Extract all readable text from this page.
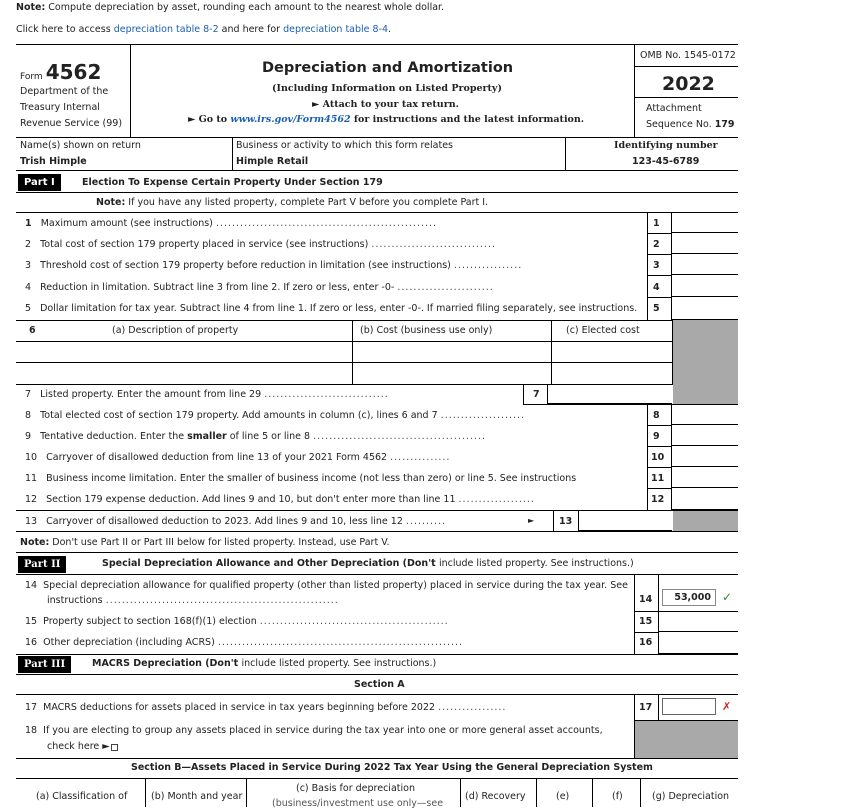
Note: Compute depreciation by asset, rounding each amount to the nearest whole dollar.
Click here to access depreciation table 8-2 and here for depreciation table 8-4.
Form 4562
Department of the
Treasury Internal
Revenue Service (99)
Depreciation and Amortization
(Including Information on Listed Property)
► Attach to your tax return.
► Go to www.irs.gov/Form4562 for instructions and the latest information.
OMB No. 1545-0172
2022
Attachment
Sequence No. 179
Name(s) shown on return
Trish Himple
Business or activity to which this form relates
Himple Retail
Identifying number
123-45-6789
Part I	Election To Expense Certain Property Under Section 179
Note: If you have any listed property, complete Part V before you complete Part I.
1 Maximum amount (see instructions) .......................................................	1
2 Total cost of section 179 property placed in service (see instructions) ...............................	2
3 Threshold cost of section 179 property before reduction in limitation (see instructions) .................	3
4 Reduction in limitation. Subtract line 3 from line 2. If zero or less, enter -0- ........................	4
5 Dollar limitation for tax year. Subtract line 4 from line 1. If zero or less, enter -0-. If married filing separately, see instructions. 5
6	(a) Description of property	(b) Cost (business use only)	(c) Elected cost
7 Listed property. Enter the amount from line 29 ...............................	7
8 Total elected cost of section 179 property. Add amounts in column (c), lines 6 and 7 .....................	8
9 Tentative deduction. Enter the smaller of line 5 or line 8 ...........................................	9
10 Carryover of disallowed deduction from line 13 of your 2021 Form 4562 ...............	10
11 Business income limitation. Enter the smaller of business income (not less than zero) or line 5. See instructions	11
12 Section 179 expense deduction. Add lines 9 and 10, but don't enter more than line 11 ...................	12
13 Carryover of disallowed deduction to 2023. Add lines 9 and 10, less line 12 ..........	►	13
Note: Don't use Part II or Part III below for listed property. Instead, use Part V.
Part II	Special Depreciation Allowance and Other Depreciation (Don't include listed property. See instructions.)
14 Special depreciation allowance for qualified property (other than listed property) placed in service during the tax year. See
instructions ..........................................................	14	53,000 ✓
15 Property subject to section 168(f)(1) election ...............................................	15
16 Other depreciation (including ACRS) .............................................................	16
Part III	MACRS Depreciation (Don't include listed property. See instructions.)
Section A
17 MACRS deductions for assets placed in service in tax years beginning before 2022 .................	17	✗
18 If you are electing to group any assets placed in service during the tax year into one or more general asset accounts,
check here ►
Section B—Assets Placed in Service During 2022 Tax Year Using the General Depreciation System
(a) Classification of (b) Month and year
(c) Basis for depreciation
(business/investment use only—see
(d) Recovery	(e)	(f)	(g) Depreciation
